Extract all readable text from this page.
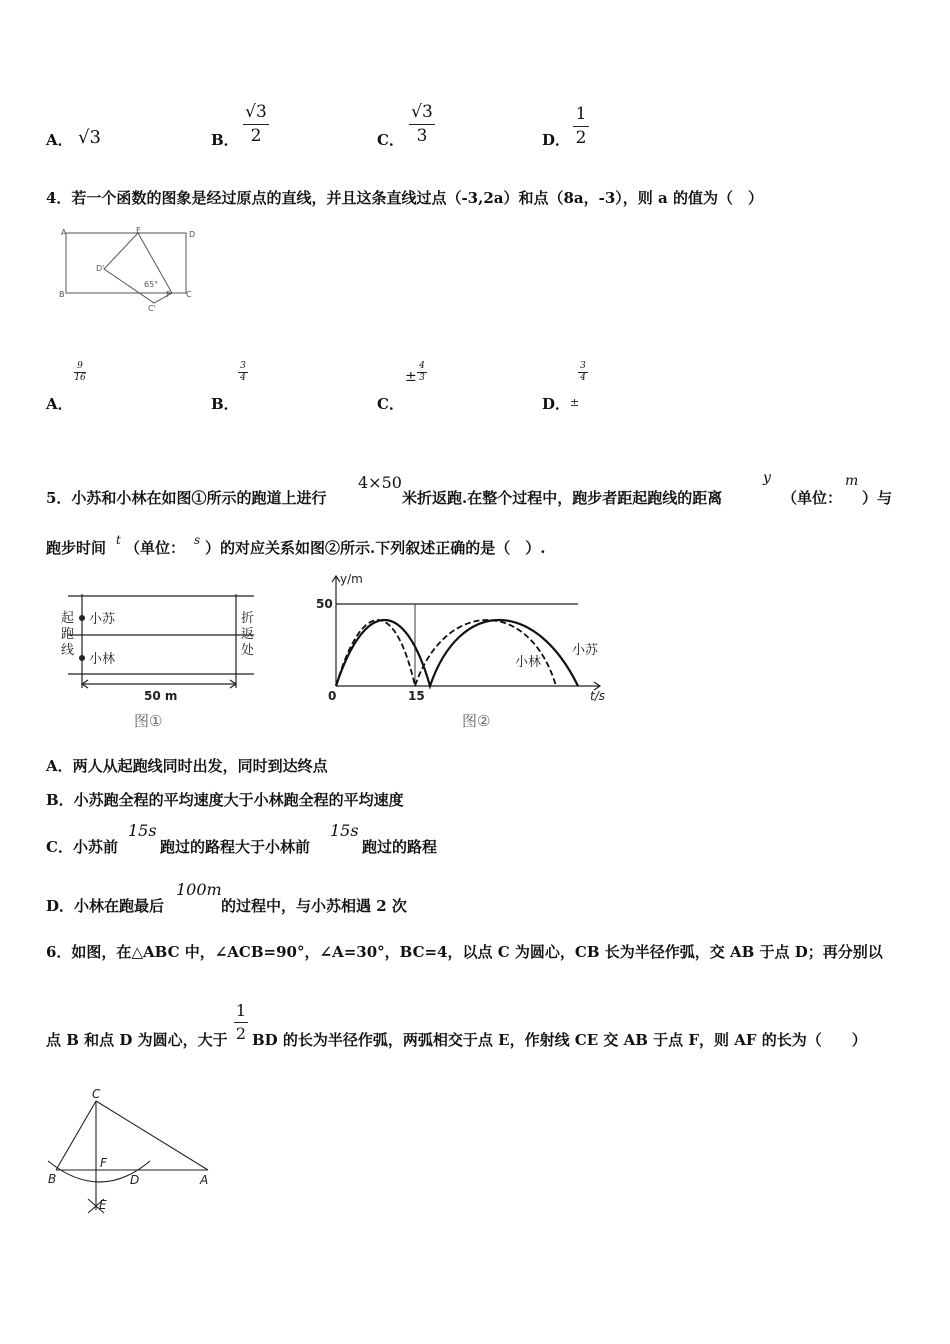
A． √3	B．
√3
2	C．
√3
3	D．
1
2
4．若一个函数的图象是经过原点的直线，并且这条直线过点（-3,2a）和点（8a，-3），则 a 的值为（　）
A	E	D
D'
65°
B	F C
C'
A．
9
16
B．
3
4
C．
±
4
3
D． ±
3
4
5．小苏和小林在如图①所示的跑道上进行
4×50
米折返跑.在整个过程中，跑步者距起跑线的距离
y
（单位：
m
）与
跑步时间 t （单位： s ）的对应关系如图②所示.下列叙述正确的是（　）.
起
跑
线
折
返
处
小苏
小林
50 m
图①
y/m
50
0	15	t/s
小林
小苏
图②
A．两人从起跑线同时出发，同时到达终点
B．小苏跑全程的平均速度大于小林跑全程的平均速度
C．小苏前
15s
跑过的路程大于小林前
15s
跑过的路程
D．小林在跑最后
100m
的过程中，与小苏相遇 2 次
6．如图，在△ABC 中，∠ACB=90°，∠A=30°，BC=4，以点 C 为圆心，CB 长为半径作弧，交 AB 于点 D；再分别以
点 B 和点 D 为圆心，大于
1
2 BD 的长为半径作弧，两弧相交于点 E，作射线 CE 交 AB 于点 F，则 AF 的长为（　　）
C
B
F
D	A
E
